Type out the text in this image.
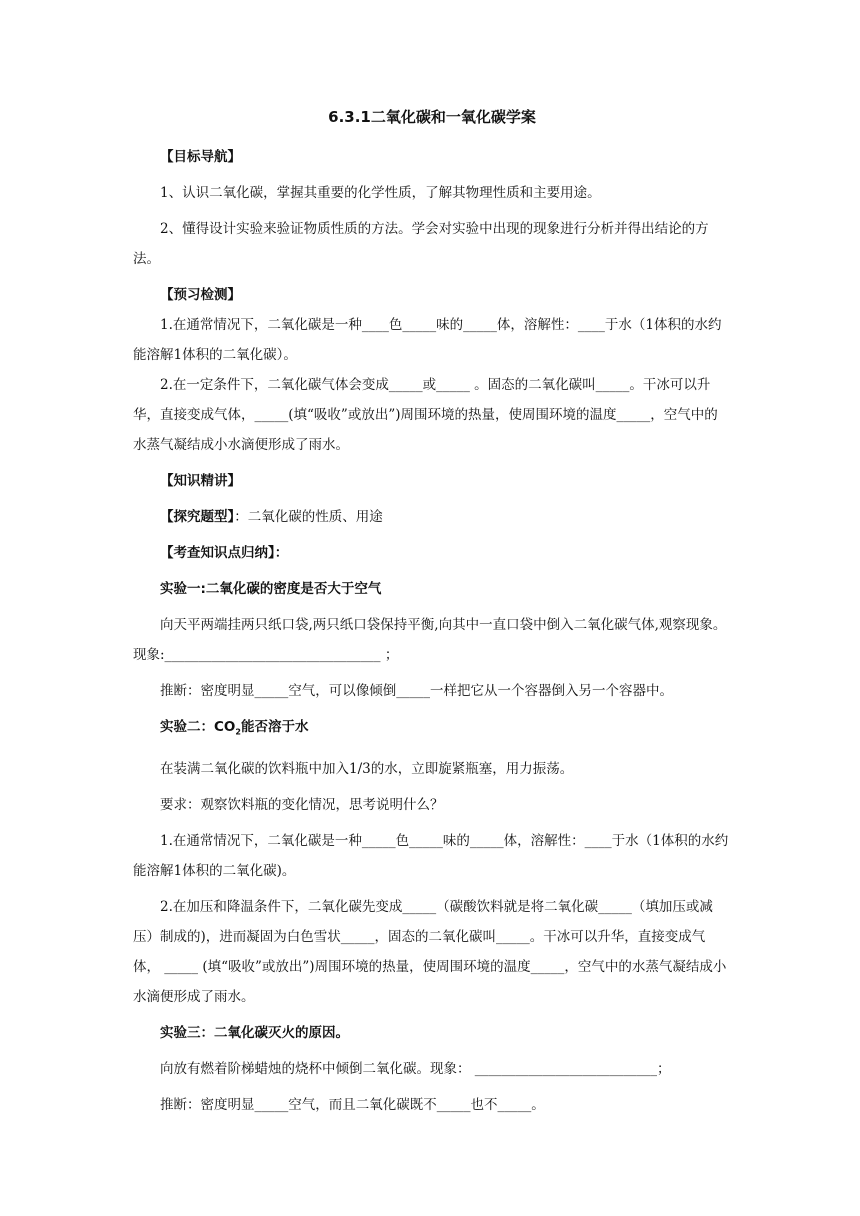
6.3.1二氧化碳和一氧化碳学案

【目标导航】

1、认识二氧化碳，掌握其重要的化学性质，了解其物理性质和主要用途。

2、懂得设计实验来验证物质性质的方法。学会对实验中出现的现象进行分析并得出结论的方法。

【预习检测】

1.在通常情况下，二氧化碳是一种____色_____味的_____体，溶解性：____于水（1体积的水约能溶解1体积的二氧化碳）。

2.在一定条件下，二氧化碳气体会变成_____或_____ 。固态的二氧化碳叫_____。干冰可以升华，直接变成气体，_____(填“吸收”或放出”)周围环境的热量，使周围环境的温度_____，空气中的水蒸气凝结成小水滴便形成了雨水。

【知识精讲】

【探究题型】：二氧化碳的性质、用途

【考查知识点归纳】：

实验一:二氧化碳的密度是否大于空气

向天平两端挂两只纸口袋,两只纸口袋保持平衡,向其中一直口袋中倒入二氧化碳气体,观察现象。现象:________________________________ ；

推断：密度明显_____空气，可以像倾倒_____一样把它从一个容器倒入另一个容器中。

实验二：$CO_2$能否溶于水

在装满二氧化碳的饮料瓶中加入1/3的水，立即旋紧瓶塞，用力振荡。

要求：观察饮料瓶的变化情况，思考说明什么？

1.在通常情况下，二氧化碳是一种_____色_____味的_____体，溶解性：____于水（1体积的水约能溶解1体积的二氧化碳)。

2.在加压和降温条件下，二氧化碳先变成_____（碳酸饮料就是将二氧化碳_____（填加压或减压）制成的)，进而凝固为白色雪状_____，固态的二氧化碳叫_____。干冰可以升华，直接变成气体， _____ (填“吸收”或放出”)周围环境的热量，使周围环境的温度_____，空气中的水蒸气凝结成小水滴便形成了雨水。

实验三：二氧化碳灭火的原因。

向放有燃着阶梯蜡烛的烧杯中倾倒二氧化碳。现象： ___________________________；

推断：密度明显_____空气，而且二氧化碳既不_____也不_____。
